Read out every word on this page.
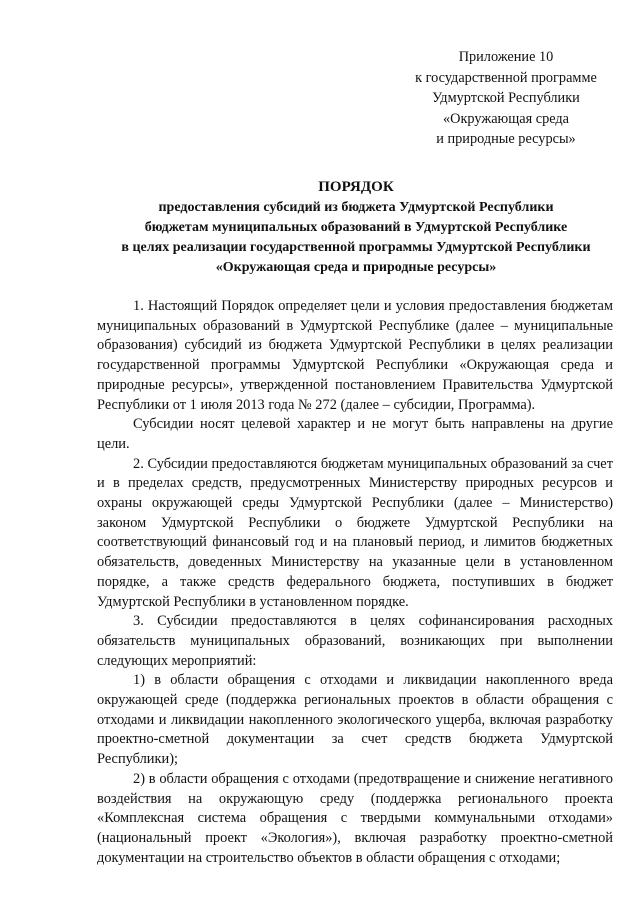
Приложение 10
к государственной программе
Удмуртской Республики
«Окружающая среда
и природные ресурсы»
ПОРЯДОК
предоставления субсидий из бюджета Удмуртской Республики
бюджетам муниципальных образований в Удмуртской Республике
в целях реализации государственной программы Удмуртской Республики
«Окружающая среда и природные ресурсы»

1. Настоящий Порядок определяет цели и условия предоставления бюджетам муниципальных образований в Удмуртской Республике (далее – муниципальные образования) субсидий из бюджета Удмуртской Республики в целях реализации государственной программы Удмуртской Республики «Окружающая среда и природные ресурсы», утвержденной постановлением Правительства Удмуртской Республики от 1 июля 2013 года № 272 (далее – субсидии, Программа).

Субсидии носят целевой характер и не могут быть направлены на другие цели.

2. Субсидии предоставляются бюджетам муниципальных образований за счет и в пределах средств, предусмотренных Министерству природных ресурсов и охраны окружающей среды Удмуртской Республики (далее – Министерство) законом Удмуртской Республики о бюджете Удмуртской Республики на соответствующий финансовый год и на плановый период, и лимитов бюджетных обязательств, доведенных Министерству на указанные цели в установленном порядке, а также средств федерального бюджета, поступивших в бюджет Удмуртской Республики в установленном порядке.

3. Субсидии предоставляются в целях софинансирования расходных обязательств муниципальных образований, возникающих при выполнении следующих мероприятий:

1) в области обращения с отходами и ликвидации накопленного вреда окружающей среде (поддержка региональных проектов в области обращения с отходами и ликвидации накопленного экологического ущерба, включая разработку проектно-сметной документации за счет средств бюджета Удмуртской Республики);

2) в области обращения с отходами (предотвращение и снижение негативного воздействия на окружающую среду (поддержка регионального проекта «Комплексная система обращения с твердыми коммунальными отходами» (национальный проект «Экология»), включая разработку проектно-сметной документации на строительство объектов в области обращения с отходами;
